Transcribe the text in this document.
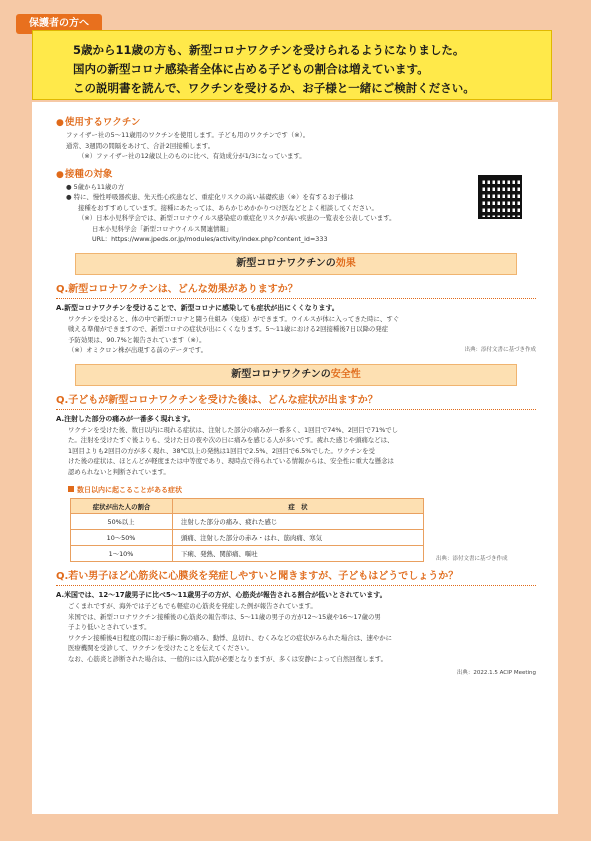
保護者の方へ
5歳から11歳の方も、新型コロナワクチンを受けられるようになりました。
国内の新型コロナ感染者全体に占める子どもの割合は増えています。
この説明書を読んで、ワクチンを受けるか、お子様と一緒にご検討ください。
●使用するワクチン
ファイザー社の5～11歳用のワクチンを使用します。子ども用のワクチンです（※）。
通常、3週間の間隔をあけて、合計2回接種します。
（※）ファイザー社の12歳以上のものに比べ、有効成分が1/3になっています。
●接種の対象
● 5歳から11歳の方
● 特に、慢性呼吸器疾患、先天性心疾患など、重症化リスクの高い基礎疾患（※）を有するお子様は
接種をおすすめしています。接種にあたっては、あらかじめかかりつけ医などとよく相談してください。
（※）日本小児科学会では、新型コロナウイルス感染症の重症化リスクが高い疾患の一覧表を公表しています。
日本小児科学会「新型コロナウイルス関連情報」
URL：https://www.jpeds.or.jp/modules/activity/index.php?content_id=333
新型コロナワクチンの効果
Q.新型コロナワクチンは、どんな効果がありますか？
A.新型コロナワクチンを受けることで、新型コロナに感染しても症状が出にくくなります。
ワクチンを受けると、体の中で新型コロナと闘う仕組み（免疫）ができます。ウイルスが体に入ってきた時に、すぐ
戦える準備ができますので、新型コロナの症状が出にくくなります。5～11歳における2回接種後7日以降の発症
予防効果は、90.7%と報告されています（※）。
（※）オミクロン株が出現する前のデータです。	出典：添付文書に基づき作成
新型コロナワクチンの安全性
Q.子どもが新型コロナワクチンを受けた後は、どんな症状が出ますか？
A.注射した部分の痛みが一番多く現れます。
ワクチンを受けた後、数日以内に現れる症状は、注射した部分の痛みが一番多く、1回目で74%、2回目で71%でし
た。注射を受けたすぐ後よりも、受けた日の夜や次の日に痛みを感じる人が多いです。疲れた感じや頭痛などは、
1回目よりも2回目の方が多く現れ、38℃以上の発熱は1回目で2.5%、2回目で6.5%でした。ワクチンを受
けた後の症状は、ほとんどが軽度または中等度であり、現時点で得られている情報からは、安全性に重大な懸念は
認められないと判断されています。
数日以内に起こることがある症状
症状が出た人の割合	症　状
50%以上	注射した部分の痛み、疲れた感じ
10～50%	頭痛、注射した部分の赤み・はれ、筋肉痛、寒気
1～10%	下痢、発熱、関節痛、嘔吐
出典：添付文書に基づき作成
Q.若い男子ほど心筋炎に心膜炎を発症しやすいと聞きますが、子どもはどうでしょうか？
A.米国では、12～17歳男子に比べ5～11歳男子の方が、心筋炎が報告される割合が低いとされています。
ごくまれですが、海外では子どもでも軽症の心筋炎を発症した例が報告されています。
米国では、新型コロナワクチン接種後の心筋炎の報告率は、5～11歳の男子の方が12～15歳や16～17歳の男
子より低いとされています。
ワクチン接種後4日程度の間にお子様に胸の痛み、動悸、息切れ、むくみなどの症状がみられた場合は、速やかに
医療機関を受診して、ワクチンを受けたことを伝えてください。
なお、心筋炎と診断された場合は、一般的には入院が必要となりますが、多くは安静によって自然回復します。
出典：2022.1.5 ACIP Meeting
